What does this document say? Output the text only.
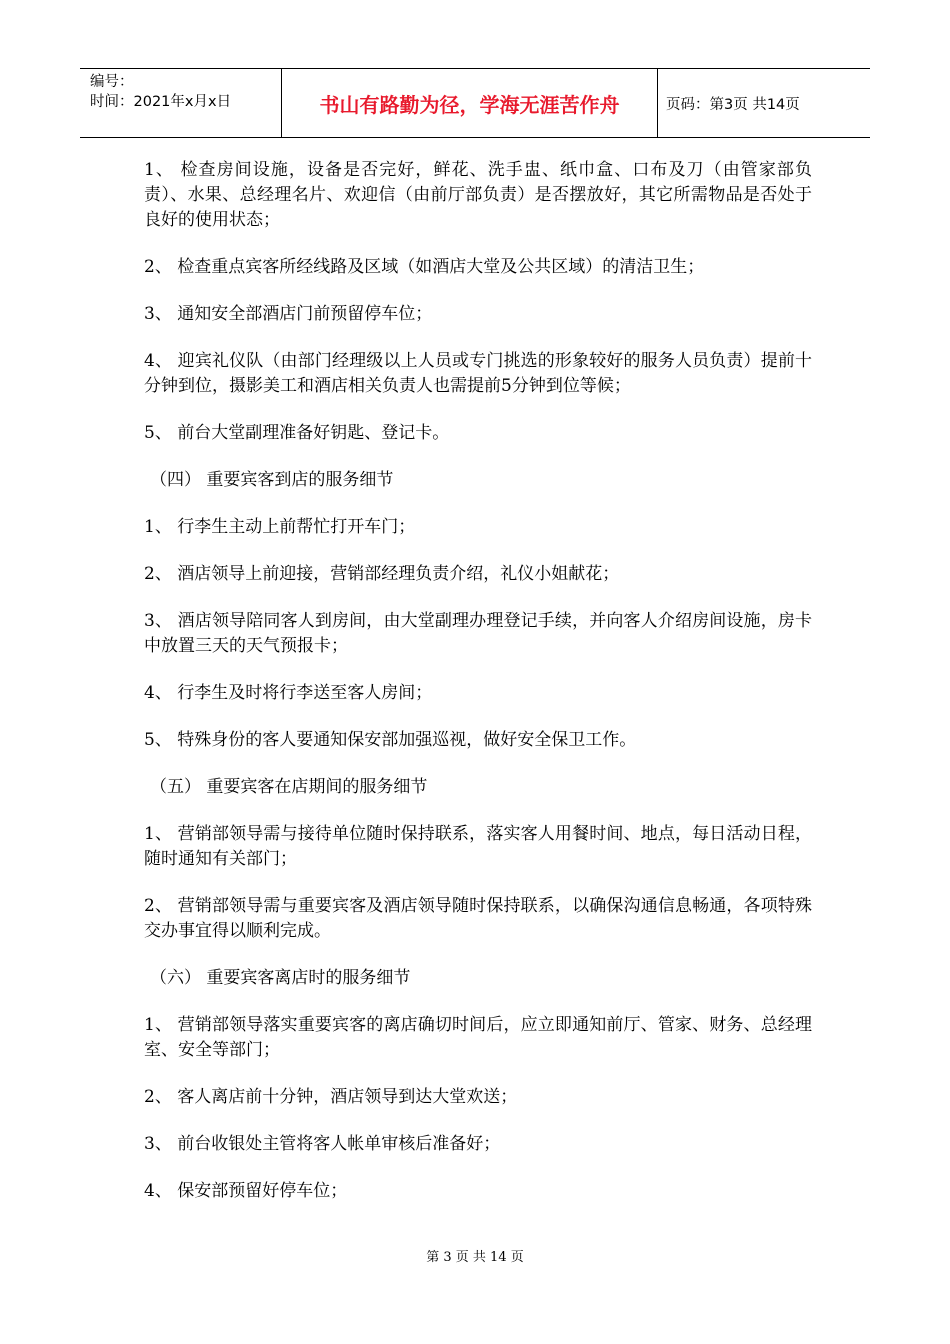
编号：
时间：2021年x月x日	书山有路勤为径，学海无涯苦作舟	页码：第3页 共14页

1、 检查房间设施，设备是否完好，鲜花、洗手盅、纸巾盒、口布及刀（由管家部负责）、水果、总经理名片、欢迎信（由前厅部负责）是否摆放好，其它所需物品是否处于良好的使用状态；

2、 检查重点宾客所经线路及区域（如酒店大堂及公共区域）的清洁卫生；

3、 通知安全部酒店门前预留停车位；

4、 迎宾礼仪队（由部门经理级以上人员或专门挑选的形象较好的服务人员负责）提前十分钟到位，摄影美工和酒店相关负责人也需提前5分钟到位等候；

5、 前台大堂副理准备好钥匙、登记卡。

（四） 重要宾客到店的服务细节

1、 行李生主动上前帮忙打开车门；

2、 酒店领导上前迎接，营销部经理负责介绍，礼仪小姐献花；

3、 酒店领导陪同客人到房间，由大堂副理办理登记手续，并向客人介绍房间设施，房卡中放置三天的天气预报卡；

4、 行李生及时将行李送至客人房间；

5、 特殊身份的客人要通知保安部加强巡视，做好安全保卫工作。

（五） 重要宾客在店期间的服务细节

1、 营销部领导需与接待单位随时保持联系，落实客人用餐时间、地点，每日活动日程，随时通知有关部门；

2、 营销部领导需与重要宾客及酒店领导随时保持联系，以确保沟通信息畅通，各项特殊交办事宜得以顺利完成。

（六） 重要宾客离店时的服务细节

1、 营销部领导落实重要宾客的离店确切时间后，应立即通知前厅、管家、财务、总经理室、安全等部门；

2、 客人离店前十分钟，酒店领导到达大堂欢送；

3、 前台收银处主管将客人帐单审核后准备好；

4、 保安部预留好停车位；

第 3 页 共 14 页
